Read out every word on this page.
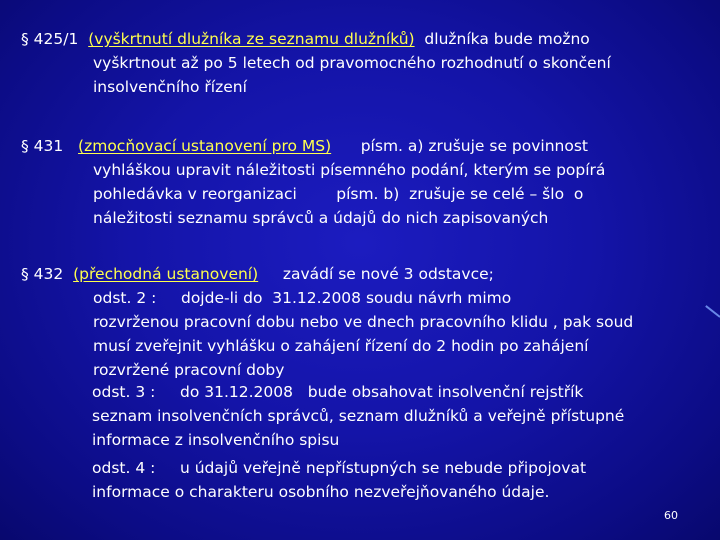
§ 425/1 (vyškrtnutí dlužníka ze seznamu dlužníků) dlužníka bude možno
vyškrtnout až po 5 letech od pravomocného rozhodnutí o skončení
insolvenčního řízení

§ 431 (zmocňovací ustanovení pro MS) písm. a) zrušuje se povinnost
vyhláškou upravit náležitosti písemného podání, kterým se popírá
pohledávka v reorganizaci        písm. b)  zrušuje se celé – šlo  o
náležitosti seznamu správců a údajů do nich zapisovaných

§ 432 (přechodná ustanovení) zavádí se nové 3 odstavce;
odst. 2 :     dojde-li do  31.12.2008 soudu návrh mimo
rozvrženou pracovní dobu nebo ve dnech pracovního klidu , pak soud
musí zveřejnit vyhlášku o zahájení řízení do 2 hodin po zahájení
rozvržené pracovní doby

odst. 3 :     do 31.12.2008   bude obsahovat insolvenční rejstřík
seznam insolvenčních správců, seznam dlužníků a veřejně přístupné
informace z insolvenčního spisu

odst. 4 :     u údajů veřejně nepřístupných se nebude připojovat
informace o charakteru osobního nezveřejňovaného údaje.

60
